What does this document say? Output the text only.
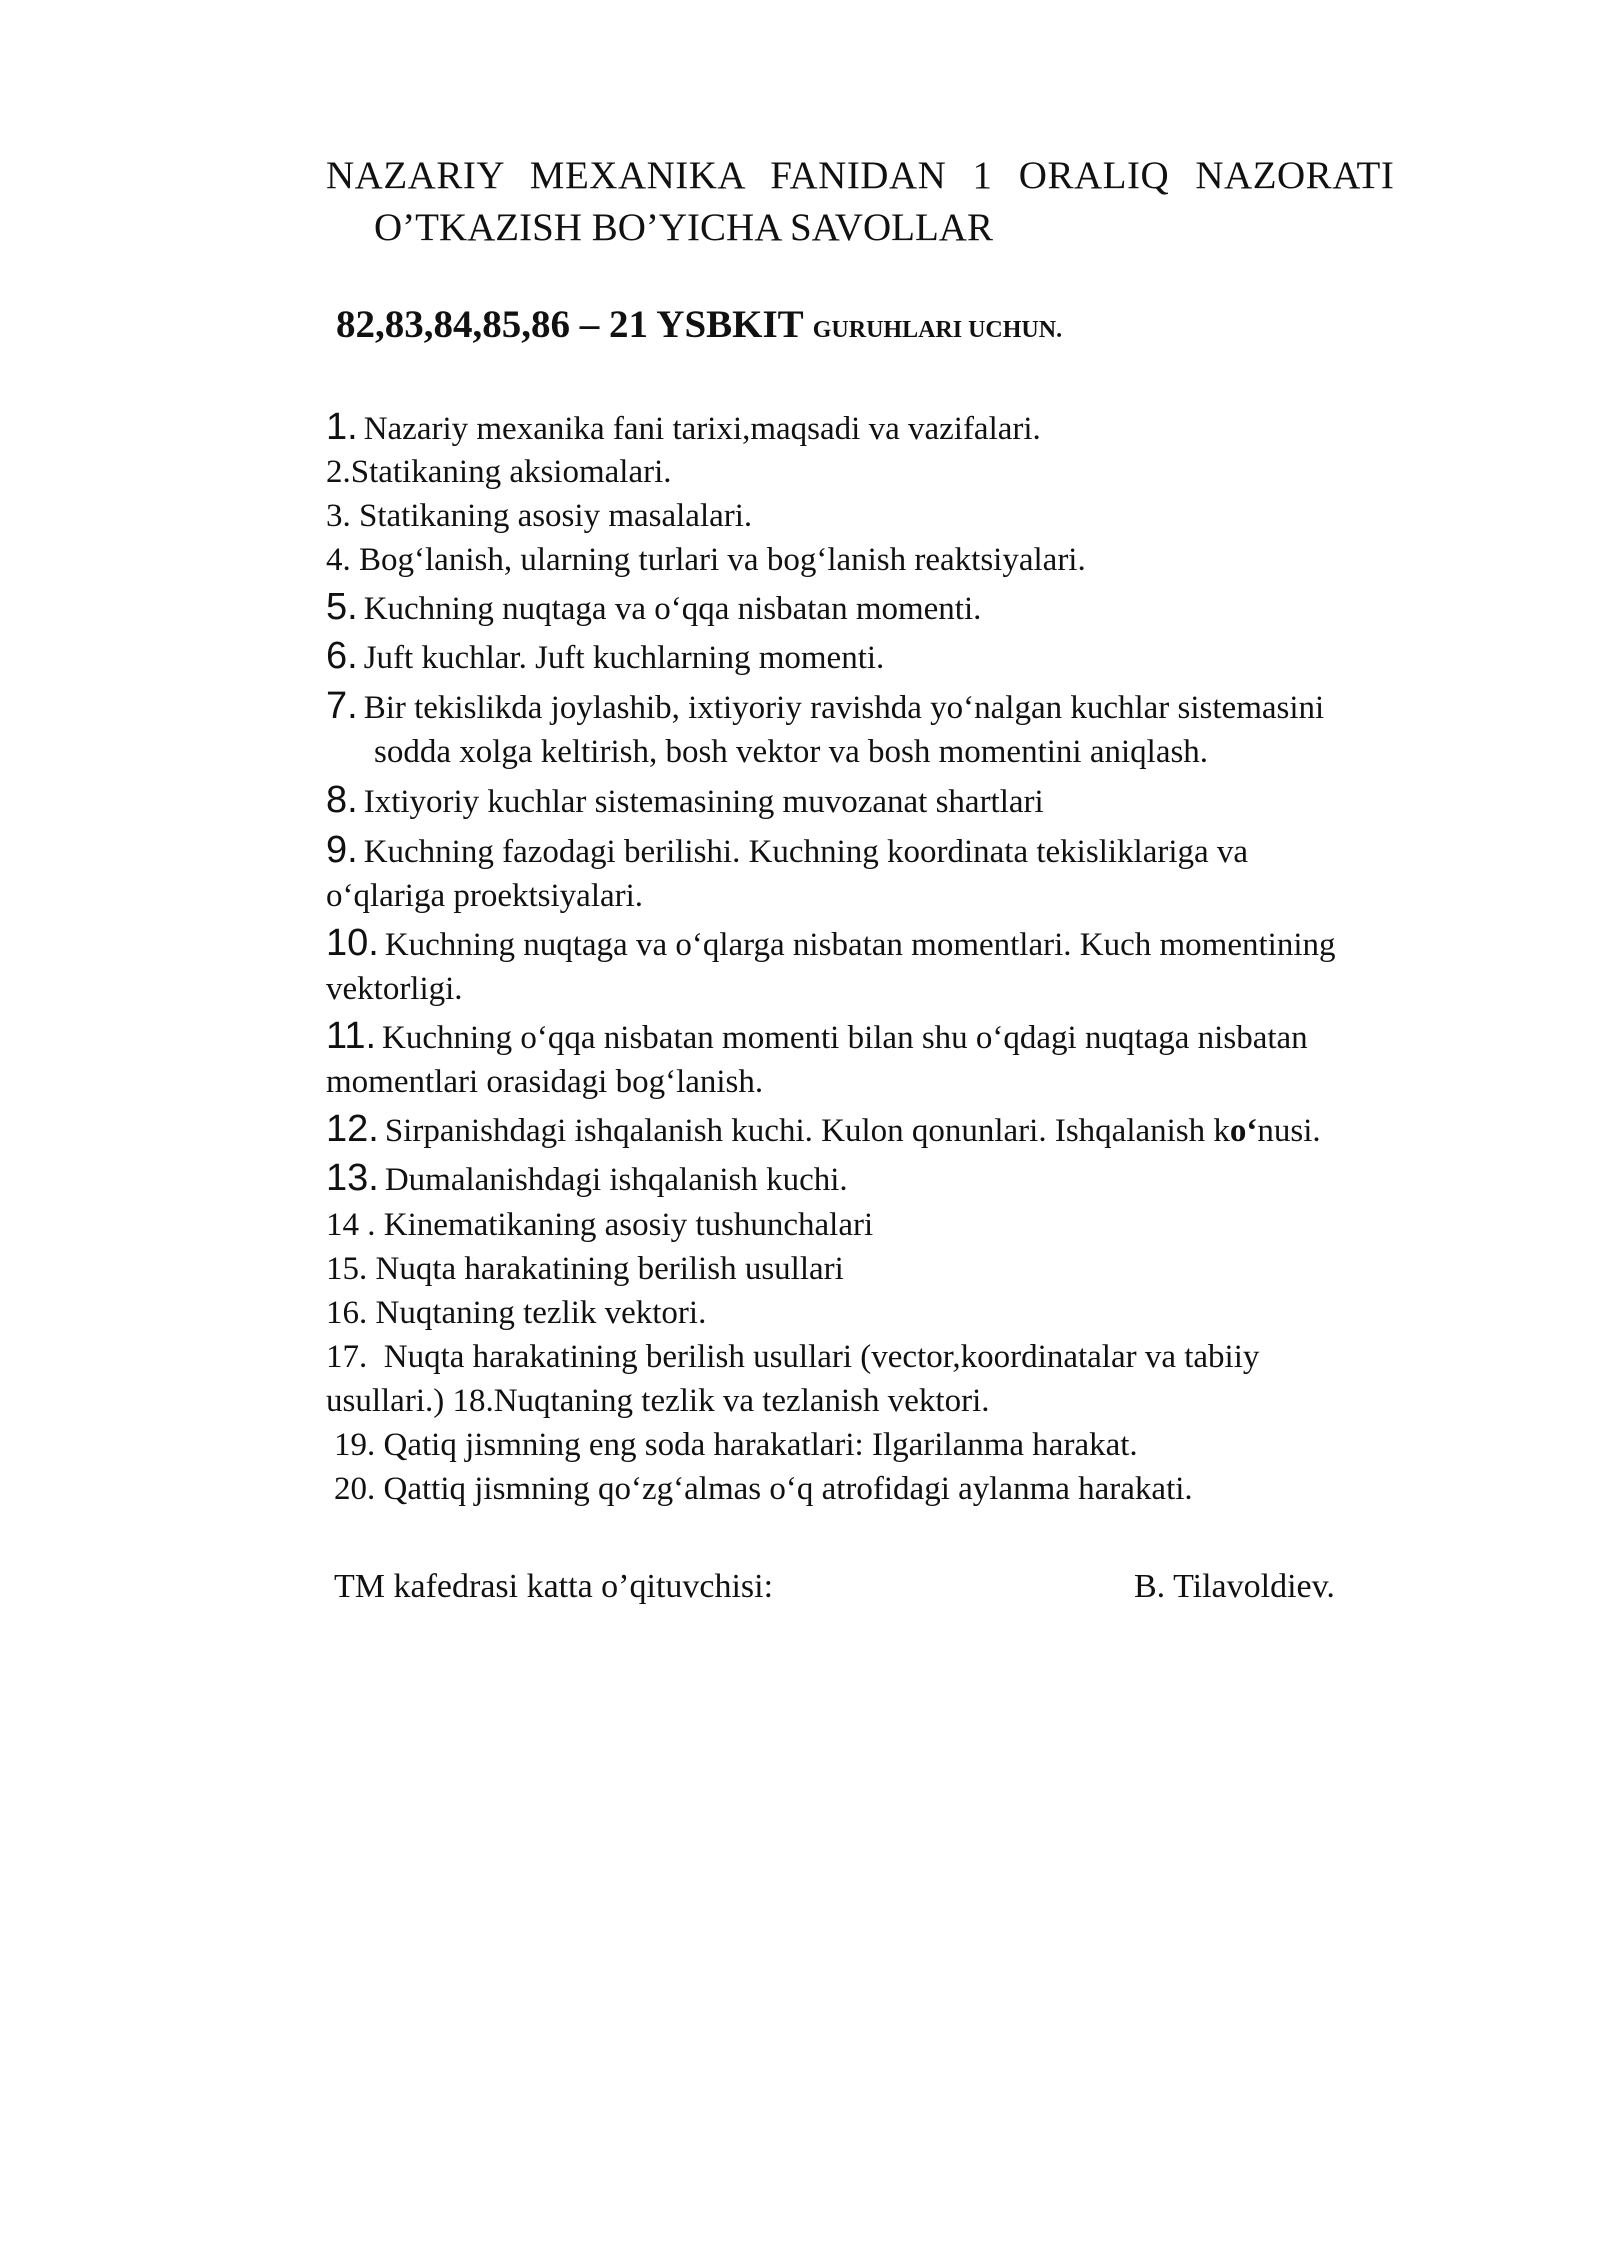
NAZARIY MEXANIKA FANIDAN 1 ORALIQ NAZORATI
O’TKAZISH BO’YICHA SAVOLLAR
82,83,84,85,86 – 21 YSBKIT GURUHLARI UCHUN.
1. Nazariy mexanika fani tarixi,maqsadi va vazifalari.
2.Statikaning aksiomalari.
3. Statikaning asosiy masalalari.
4. Bog‘lanish, ularning turlari va bog‘lanish reaktsiyalari.
5. Kuchning nuqtaga va o‘qqa nisbatan momenti.
6. Juft kuchlar. Juft kuchlarning momenti.
7. Bir tekislikda joylashib, ixtiyoriy ravishda yo‘nalgan kuchlar sistemasini
sodda xolga keltirish, bosh vektor va bosh momentini aniqlash.
8. Ixtiyoriy kuchlar sistemasining muvozanat shartlari
9. Kuchning fazodagi berilishi. Kuchning koordinata tekisliklariga va
o‘qlariga proektsiyalari.
10. Kuchning nuqtaga va o‘qlarga nisbatan momentlari. Kuch momentining
vektorligi.
11. Kuchning o‘qqa nisbatan momenti bilan shu o‘qdagi nuqtaga nisbatan
momentlari orasidagi bog‘lanish.
12. Sirpanishdagi ishqalanish kuchi. Kulon qonunlari. Ishqalanish ko‘nusi.
13. Dumalanishdagi ishqalanish kuchi.
14 . Kinematikaning asosiy tushunchalari
15. Nuqta harakatining berilish usullari
16. Nuqtaning tezlik vektori.
17. Nuqta harakatining berilish usullari (vector,koordinatalar va tabiiy
usullari.) 18.Nuqtaning tezlik va tezlanish vektori.
19. Qatiq jismning eng soda harakatlari: Ilgarilanma harakat.
20. Qattiq jismning qo‘zg‘almas o‘q atrofidagi aylanma harakati.
TM kafedrasi katta o’qituvchisi:	B. Tilavoldiev.
